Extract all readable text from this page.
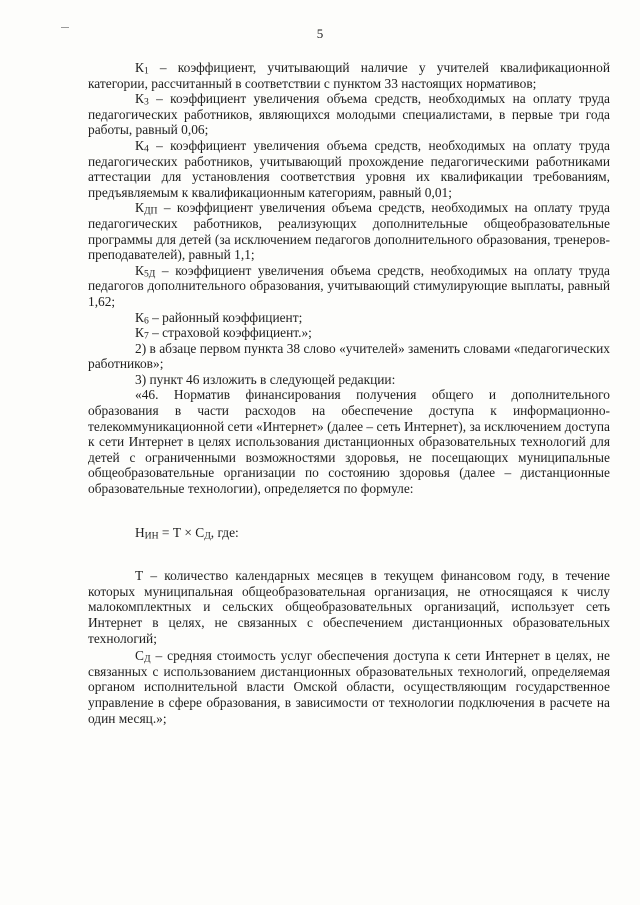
5

К1 – коэффициент, учитывающий наличие у учителей квалификационной категории, рассчитанный в соответствии с пунктом 33 настоящих нормативов;

К3 – коэффициент увеличения объема средств, необходимых на оплату труда педагогических работников, являющихся молодыми специалистами, в первые три года работы, равный 0,06;

К4 – коэффициент увеличения объема средств, необходимых на оплату труда педагогических работников, учитывающий прохождение педагогическими работниками аттестации для установления соответствия уровня их квалификации требованиям, предъявляемым к квалификационным категориям, равный 0,01;

КДП – коэффициент увеличения объема средств, необходимых на оплату труда педагогических работников, реализующих дополнительные общеобразовательные программы для детей (за исключением педагогов дополнительного образования, тренеров-преподавателей), равный 1,1;

К5Д – коэффициент увеличения объема средств, необходимых на оплату труда педагогов дополнительного образования, учитывающий стимулирующие выплаты, равный 1,62;

К6 – районный коэффициент;

К7 – страховой коэффициент.»;

2) в абзаце первом пункта 38 слово «учителей» заменить словами «педагогических работников»;

3) пункт 46 изложить в следующей редакции:

«46. Норматив финансирования получения общего и дополнительного образования в части расходов на обеспечение доступа к информационно-телекоммуникационной сети «Интернет» (далее – сеть Интернет), за исключением доступа к сети Интернет в целях использования дистанционных образовательных технологий для детей с ограниченными возможностями здоровья, не посещающих муниципальные общеобразовательные организации по состоянию здоровья (далее – дистанционные образовательные технологии), определяется по формуле:

НИН = Т × СД, где:

Т – количество календарных месяцев в текущем финансовом году, в течение которых муниципальная общеобразовательная организация, не относящаяся к числу малокомплектных и сельских общеобразовательных организаций, использует сеть Интернет в целях, не связанных с обеспечением дистанционных образовательных технологий;

СД – средняя стоимость услуг обеспечения доступа к сети Интернет в целях, не связанных с использованием дистанционных образовательных технологий, определяемая органом исполнительной власти Омской области, осуществляющим государственное управление в сфере образования, в зависимости от технологии подключения в расчете на один месяц.»;
